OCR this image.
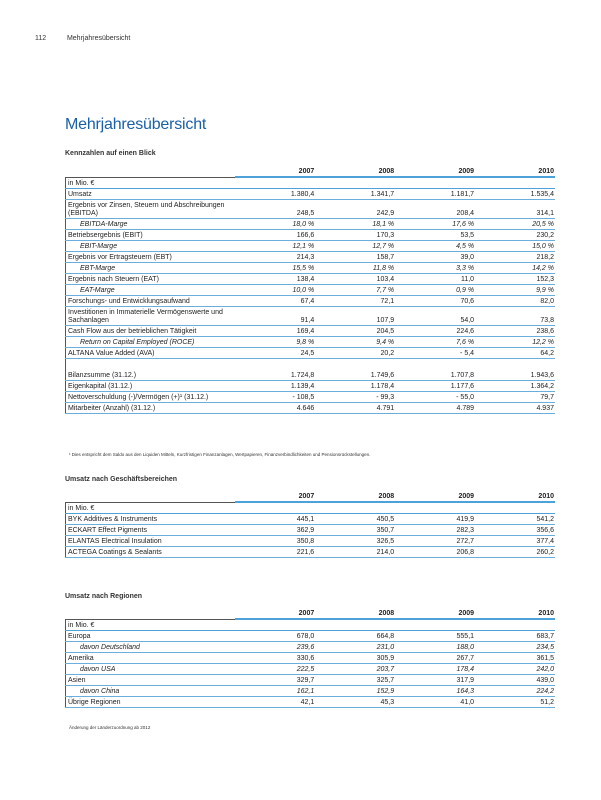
112	Mehrjahresübersicht
Mehrjahresübersicht
Kennzahlen auf einen Blick
	2007	2008	2009	2010
in Mio. €				
Umsatz	1.380,4	1.341,7	1.181,7	1.535,4
Ergebnis vor Zinsen, Steuern und Abschreibungen (EBITDA)	248,5	242,9	208,4	314,1
EBITDA-Marge	18,0 %	18,1 %	17,6 %	20,5 %
Betriebsergebnis (EBIT)	166,6	170,3	53,5	230,2
EBIT-Marge	12,1 %	12,7 %	4,5 %	15,0 %
Ergebnis vor Ertragsteuern (EBT)	214,3	158,7	39,0	218,2
EBT-Marge	15,5 %	11,8 %	3,3 %	14,2 %
Ergebnis nach Steuern (EAT)	138,4	103,4	11,0	152,3
EAT-Marge	10,0 %	7,7 %	0,9 %	9,9 %
Forschungs- und Entwicklungsaufwand	67,4	72,1	70,6	82,0
Investitionen in Immaterielle Vermögenswerte und Sachanlagen	91,4	107,9	54,0	73,8
Cash Flow aus der betrieblichen Tätigkeit	169,4	204,5	224,6	238,6
Return on Capital Employed (ROCE)	9,8 %	9,4 %	7,6 %	12,2 %
ALTANA Value Added (AVA)	24,5	20,2	- 5,4	64,2

Bilanzsumme (31.12.)	1.724,8	1.749,6	1.707,8	1.943,6
Eigenkapital (31.12.)	1.139,4	1.178,4	1.177,6	1.364,2
Nettoverschuldung (-)/Vermögen (+)¹ (31.12.)	- 108,5	- 99,3	- 55,0	79,7
Mitarbeiter (Anzahl) (31.12.)	4.646	4.791	4.789	4.937
¹ Dies entspricht dem Saldo aus den Liquiden Mitteln, Kurzfristigen Finanzanlagen, Wertpapieren, Finanzverbindlichkeiten und Pensionsrückstellungen.
Umsatz nach Geschäftsbereichen
	2007	2008	2009	2010
in Mio. €				
BYK Additives & Instruments	445,1	450,5	419,9	541,2
ECKART Effect Pigments	362,9	350,7	282,3	356,6
ELANTAS Electrical Insulation	350,8	326,5	272,7	377,4
ACTEGA Coatings & Sealants	221,6	214,0	206,8	260,2
Umsatz nach Regionen
	2007	2008	2009	2010
in Mio. €				
Europa	678,0	664,8	555,1	683,7
davon Deutschland	239,6	231,0	188,0	234,5
Amerika	330,6	305,9	267,7	361,5
davon USA	222,5	203,7	178,4	242,0
Asien	329,7	325,7	317,9	439,0
davon China	162,1	152,9	164,3	224,2
Übrige Regionen	42,1	45,3	41,0	51,2
Änderung der Länderzuordnung ab 2012
